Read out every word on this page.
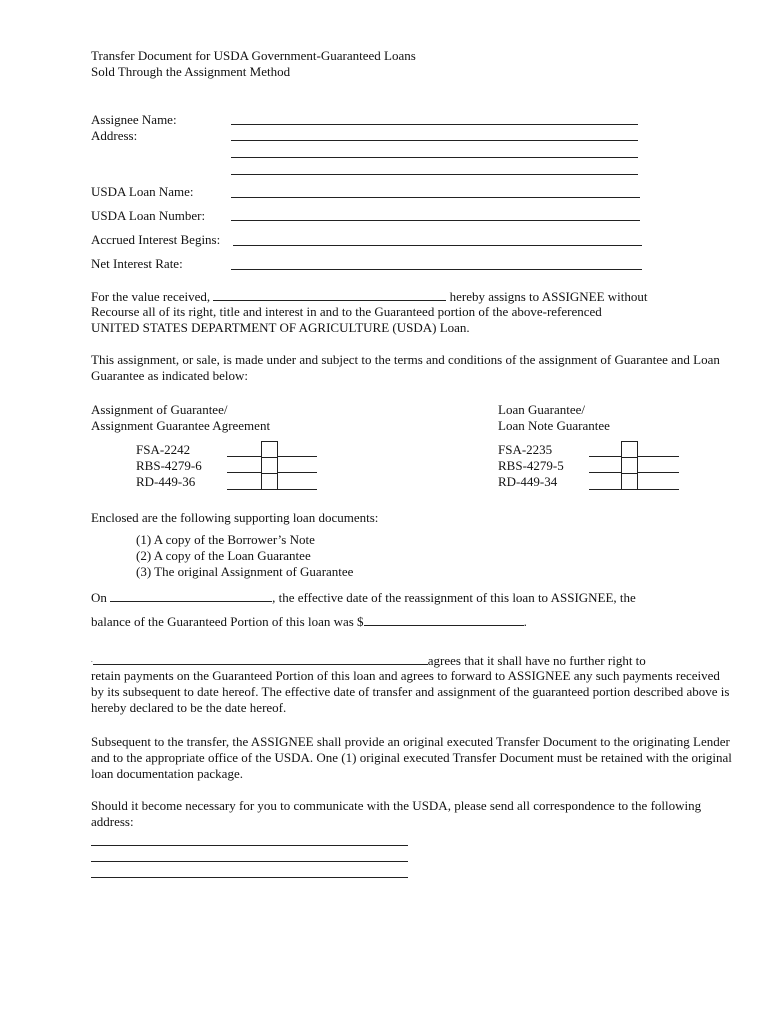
Transfer Document for USDA Government-Guaranteed Loans
Sold Through the Assignment Method
Assignee Name:
Address:
USDA Loan Name:
USDA Loan Number:
Accrued Interest Begins:
Net Interest Rate:
For the value received,	hereby assigns to ASSIGNEE without
Recourse all of its right, title and interest in and to the Guaranteed portion of the above-referenced
UNITED STATES DEPARTMENT OF AGRICULTURE (USDA) Loan.
This assignment, or sale, is made under and subject to the terms and conditions of the assignment of Guarantee and Loan Guarantee as indicated below:
Assignment of Guarantee/
Assignment Guarantee Agreement
FSA-2242
RBS-4279-6
RD-449-36
Loan Guarantee/
Loan Note Guarantee
FSA-2235
RBS-4279-5
RD-449-34
Enclosed are the following supporting loan documents:
(1) A copy of the Borrower’s Note
(2) A copy of the Loan Guarantee
(3) The original Assignment of Guarantee
On	, the effective date of the reassignment of this loan to ASSIGNEE, the
balance of the Guaranteed Portion of this loan was $	.
.	agrees that it shall have no further right to
retain payments on the Guaranteed Portion of this loan and agrees to forward to ASSIGNEE any such payments received by its subsequent to date hereof. The effective date of transfer and assignment of the guaranteed portion described above is hereby declared to be the date hereof.
Subsequent to the transfer, the ASSIGNEE shall provide an original executed Transfer Document to the originating Lender and to the appropriate office of the USDA. One (1) original executed Transfer Document must be retained with the original loan documentation package.
Should it become necessary for you to communicate with the USDA, please send all correspondence to the following address:
